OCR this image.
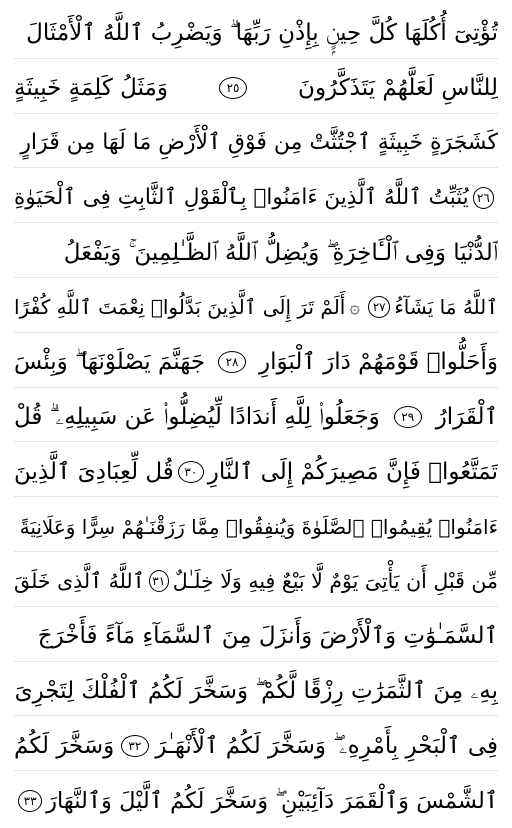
تُؤْتِىٓ أُكُلَهَا كُلَّ حِينٍۭ بِإِذْنِ رَبِّهَا ۗ وَيَضْرِبُ ٱللَّهُ ٱلْأَمْثَالَ
لِلنَّاسِ لَعَلَّهُمْ يَتَذَكَّرُونَ
٢٥
وَمَثَلُ كَلِمَةٍ خَبِيثَةٍ
كَشَجَرَةٍ خَبِيثَةٍ ٱجْتُثَّتْ مِن فَوْقِ ٱلْأَرْضِ مَا لَهَا مِن قَرَارٍ
٢٦
يُثَبِّتُ ٱللَّهُ ٱلَّذِينَ ءَامَنُوا۟ بِٱلْقَوْلِ ٱلثَّابِتِ فِى ٱلْحَيَوٰةِ
ٱلدُّنْيَا وَفِى ٱلْـَٔاخِرَةِ ۖ وَيُضِلُّ ٱللَّهُ ٱلظَّـٰلِمِينَ ۚ وَيَفْعَلُ
ٱللَّهُ مَا يَشَآءُ
٢٧
۞
أَلَمْ تَرَ إِلَى ٱلَّذِينَ بَدَّلُوا۟ نِعْمَتَ ٱللَّهِ كُفْرًا
وَأَحَلُّوا۟ قَوْمَهُمْ دَارَ ٱلْبَوَارِ
٢٨
جَهَنَّمَ يَصْلَوْنَهَا ۖ وَبِئْسَ
ٱلْقَرَارُ
٢٩
وَجَعَلُوا۟ لِلَّهِ أَندَادًا لِّيُضِلُّوا۟ عَن سَبِيلِهِۦ ۗ قُلْ
تَمَتَّعُوا۟ فَإِنَّ مَصِيرَكُمْ إِلَى ٱلنَّارِ
٣٠
قُل لِّعِبَادِىَ ٱلَّذِينَ
ءَامَنُوا۟ يُقِيمُوا۟ ٱلصَّلَوٰةَ وَيُنفِقُوا۟ مِمَّا رَزَقْنَـٰهُمْ سِرًّا وَعَلَانِيَةً
مِّن قَبْلِ أَن يَأْتِىَ يَوْمٌ لَّا بَيْعٌ فِيهِ وَلَا خِلَـٰلٌ
٣١
ٱللَّهُ ٱلَّذِى خَلَقَ
ٱلسَّمَـٰوَٰتِ وَٱلْأَرْضَ وَأَنزَلَ مِنَ ٱلسَّمَآءِ مَآءً فَأَخْرَجَ
بِهِۦ مِنَ ٱلثَّمَرَٰتِ رِزْقًا لَّكُمْ ۖ وَسَخَّرَ لَكُمُ ٱلْفُلْكَ لِتَجْرِىَ
فِى ٱلْبَحْرِ بِأَمْرِهِۦ ۖ وَسَخَّرَ لَكُمُ ٱلْأَنْهَـٰرَ
٣٢
وَسَخَّرَ لَكُمُ
ٱلشَّمْسَ وَٱلْقَمَرَ دَآئِبَيْنِ ۖ وَسَخَّرَ لَكُمُ ٱلَّيْلَ وَٱلنَّهَارَ
٣٣
